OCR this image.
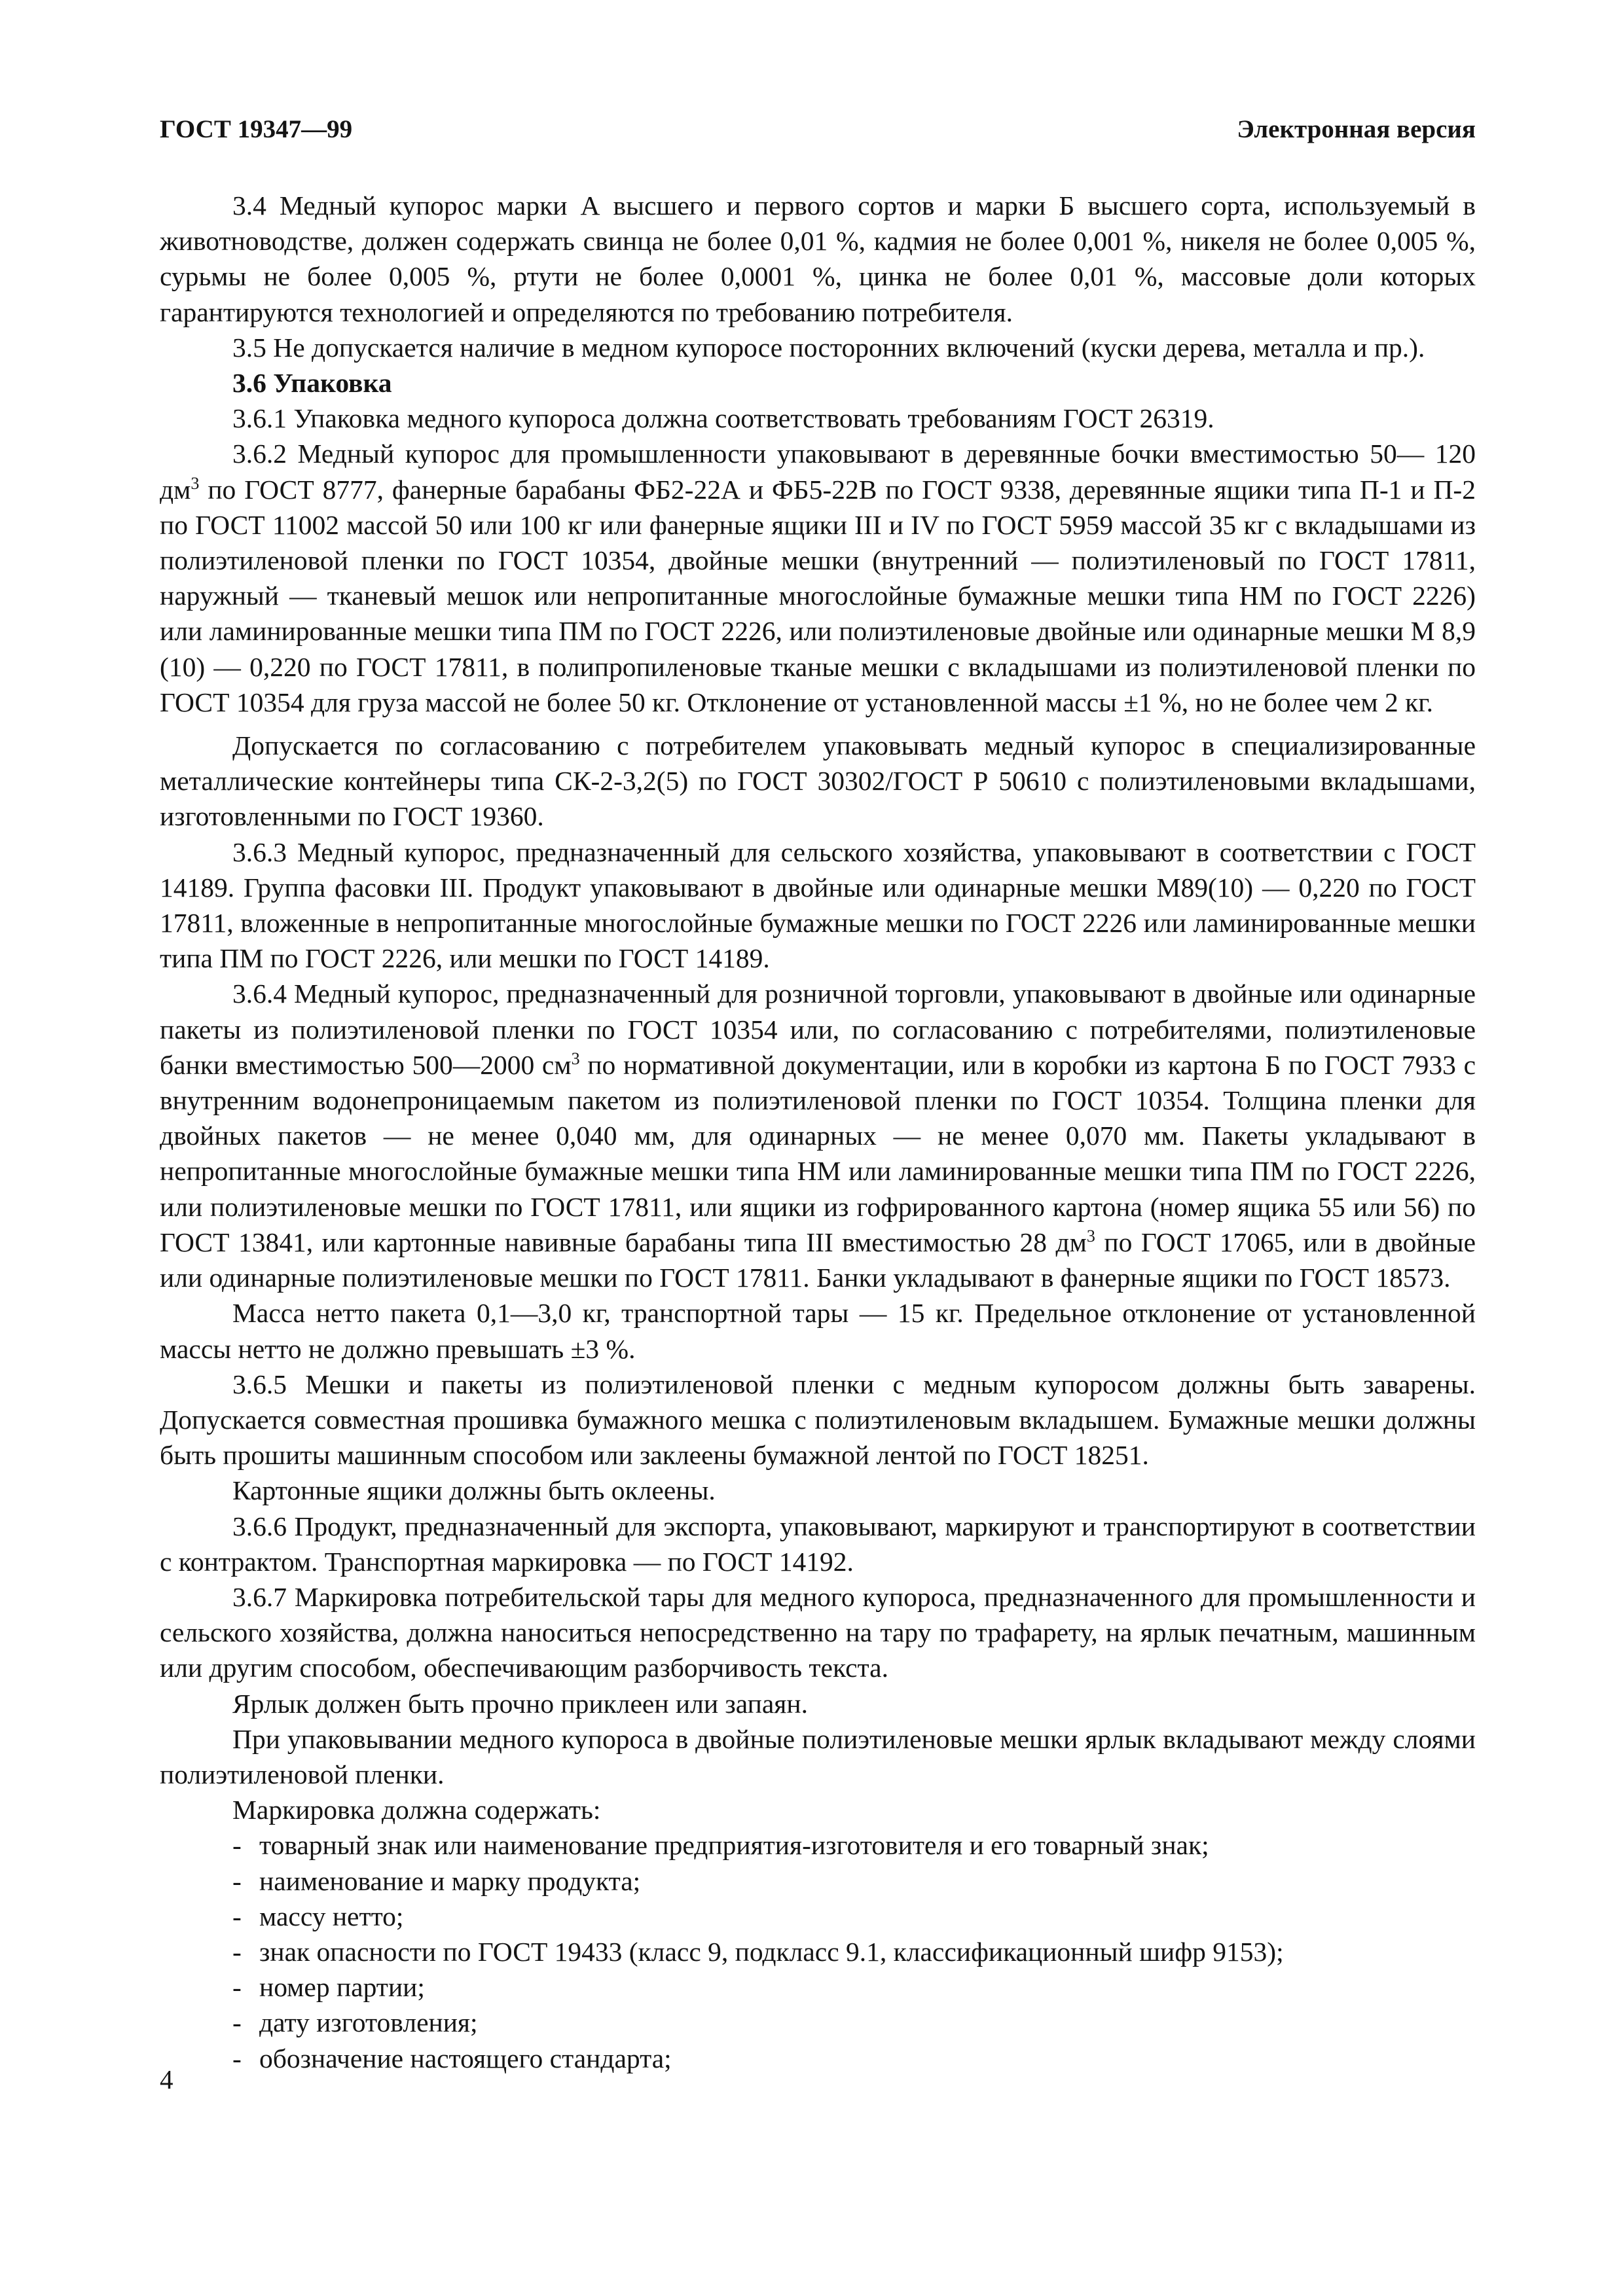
ГОСТ 19347—99	Электронная версия

3.4 Медный купорос марки А высшего и первого сортов и марки Б высшего сорта, используемый в животноводстве, должен содержать свинца не более 0,01 %, кадмия не более 0,001 %, никеля не более 0,005 %, сурьмы не более 0,005 %, ртути не более 0,0001 %, цинка не более 0,01 %, массовые доли которых гарантируются технологией и определяются по требованию потребителя.

3.5 Не допускается наличие в медном купоросе посторонних включений (куски дерева, металла и пр.).

3.6 Упаковка

3.6.1 Упаковка медного купороса должна соответствовать требованиям ГОСТ 26319.

3.6.2 Медный купорос для промышленности упаковывают в деревянные бочки вместимостью 50— 120 $дм^3$ по ГОСТ 8777, фанерные барабаны ФБ2-22А и ФБ5-22В по ГОСТ 9338, деревянные ящики типа П-1 и П-2 по ГОСТ 11002 массой 50 или 100 кг или фанерные ящики III и IV по ГОСТ 5959 массой 35 кг с вкладышами из полиэтиленовой пленки по ГОСТ 10354, двойные мешки (внутренний — полиэтиленовый по ГОСТ 17811, наружный — тканевый мешок или непропитанные многослойные бумажные мешки типа НМ по ГОСТ 2226) или ламинированные мешки типа ПМ по ГОСТ 2226, или полиэтиленовые двойные или одинарные мешки М 8,9 (10) — 0,220 по ГОСТ 17811, в полипропиленовые тканые мешки с вкладышами из полиэтиленовой пленки по ГОСТ 10354 для груза массой не более 50 кг. Отклонение от установленной массы ±1 %, но не более чем 2 кг.

Допускается по согласованию с потребителем упаковывать медный купорос в специализированные металлические контейнеры типа СК-2-3,2(5) по ГОСТ 30302/ГОСТ Р 50610 с полиэтиленовыми вкладышами, изготовленными по ГОСТ 19360.

3.6.3 Медный купорос, предназначенный для сельского хозяйства, упаковывают в соответствии с ГОСТ 14189. Группа фасовки III. Продукт упаковывают в двойные или одинарные мешки М89(10) — 0,220 по ГОСТ 17811, вложенные в непропитанные многослойные бумажные мешки по ГОСТ 2226 или ламинированные мешки типа ПМ по ГОСТ 2226, или мешки по ГОСТ 14189.

3.6.4 Медный купорос, предназначенный для розничной торговли, упаковывают в двойные или одинарные пакеты из полиэтиленовой пленки по ГОСТ 10354 или, по согласованию с потребителями, полиэтиленовые банки вместимостью 500—2000 $см^3$ по нормативной документации, или в коробки из картона Б по ГОСТ 7933 с внутренним водонепроницаемым пакетом из полиэтиленовой пленки по ГОСТ 10354. Толщина пленки для двойных пакетов — не менее 0,040 мм, для одинарных — не менее 0,070 мм. Пакеты укладывают в непропитанные многослойные бумажные мешки типа НМ или ламинированные мешки типа ПМ по ГОСТ 2226, или полиэтиленовые мешки по ГОСТ 17811, или ящики из гофрированного картона (номер ящика 55 или 56) по ГОСТ 13841, или картонные навивные барабаны типа III вместимостью 28 $дм^3$ по ГОСТ 17065, или в двойные или одинарные полиэтиленовые мешки по ГОСТ 17811. Банки укладывают в фанерные ящики по ГОСТ 18573.

Масса нетто пакета 0,1—3,0 кг, транспортной тары — 15 кг. Предельное отклонение от установленной массы нетто не должно превышать ±3 %.

3.6.5 Мешки и пакеты из полиэтиленовой пленки с медным купоросом должны быть заварены. Допускается совместная прошивка бумажного мешка с полиэтиленовым вкладышем. Бумажные мешки должны быть прошиты машинным способом или заклеены бумажной лентой по ГОСТ 18251.

Картонные ящики должны быть оклеены.

3.6.6 Продукт, предназначенный для экспорта, упаковывают, маркируют и транспортируют в соответствии с контрактом. Транспортная маркировка — по ГОСТ 14192.

3.6.7 Маркировка потребительской тары для медного купороса, предназначенного для промышленности и сельского хозяйства, должна наноситься непосредственно на тару по трафарету, на ярлык печатным, машинным или другим способом, обеспечивающим разборчивость текста.

Ярлык должен быть прочно приклеен или запаян.

При упаковывании медного купороса в двойные полиэтиленовые мешки ярлык вкладывают между слоями полиэтиленовой пленки.

Маркировка должна содержать:

- товарный знак или наименование предприятия-изготовителя и его товарный знак;
- наименование и марку продукта;
- массу нетто;
- знак опасности по ГОСТ 19433 (класс 9, подкласс 9.1, классификационный шифр 9153);
- номер партии;
- дату изготовления;
- обозначение настоящего стандарта;
4
